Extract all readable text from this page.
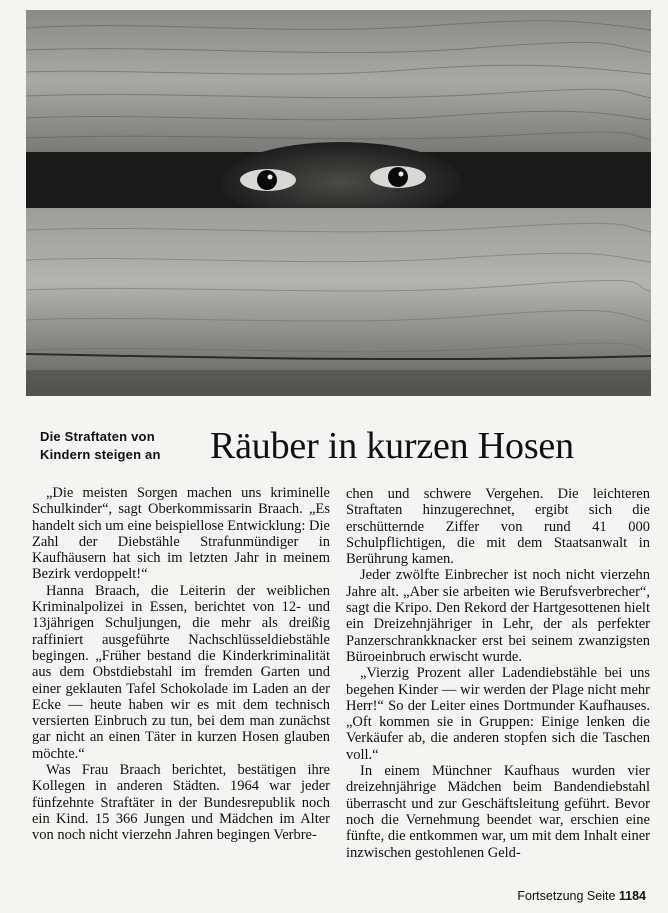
Die Straftaten von
Kindern steigen an	Räuber in kurzen Hosen

„Die meisten Sorgen machen uns kriminelle Schulkinder“, sagt Oberkommissarin Braach. „Es handelt sich um eine beispiellose Entwicklung: Die Zahl der Diebstähle Strafunmündiger in Kaufhäusern hat sich im letzten Jahr in meinem Bezirk verdoppelt!“

Hanna Braach, die Leiterin der weiblichen Kriminalpolizei in Essen, berichtet von 12- und 13jährigen Schuljungen, die mehr als dreißig raffiniert ausgeführte Nachschlüsseldiebstähle begingen. „Früher bestand die Kinderkriminalität aus dem Obstdiebstahl im fremden Garten und einer geklauten Tafel Schokolade im Laden an der Ecke — heute haben wir es mit dem technisch versierten Einbruch zu tun, bei dem man zunächst gar nicht an einen Täter in kurzen Hosen glauben möchte.“

Was Frau Braach berichtet, bestätigen ihre Kollegen in anderen Städten. 1964 war jeder fünfzehnte Straftäter in der Bundesrepublik noch ein Kind. 15 366 Jungen und Mädchen im Alter von noch nicht vierzehn Jahren begingen Verbre-

chen und schwere Vergehen. Die leichteren Straftaten hinzugerechnet, ergibt sich die erschütternde Ziffer von rund 41 000 Schulpflichtigen, die mit dem Staatsanwalt in Berührung kamen.

Jeder zwölfte Einbrecher ist noch nicht vierzehn Jahre alt. „Aber sie arbeiten wie Berufsverbrecher“, sagt die Kripo. Den Rekord der Hartgesottenen hielt ein Dreizehnjähriger in Lehr, der als perfekter Panzerschrankknacker erst bei seinem zwanzigsten Büroeinbruch erwischt wurde.

„Vierzig Prozent aller Ladendiebstähle bei uns begehen Kinder — wir werden der Plage nicht mehr Herr!“ So der Leiter eines Dortmunder Kaufhauses. „Oft kommen sie in Gruppen: Einige lenken die Verkäufer ab, die anderen stopfen sich die Taschen voll.“

In einem Münchner Kaufhaus wurden vier dreizehnjährige Mädchen beim Bandendiebstahl überrascht und zur Geschäftsleitung geführt. Bevor noch die Vernehmung beendet war, erschien eine fünfte, die entkommen war, um mit dem Inhalt einer inzwischen gestohlenen Geld-

Fortsetzung Seite 1184
